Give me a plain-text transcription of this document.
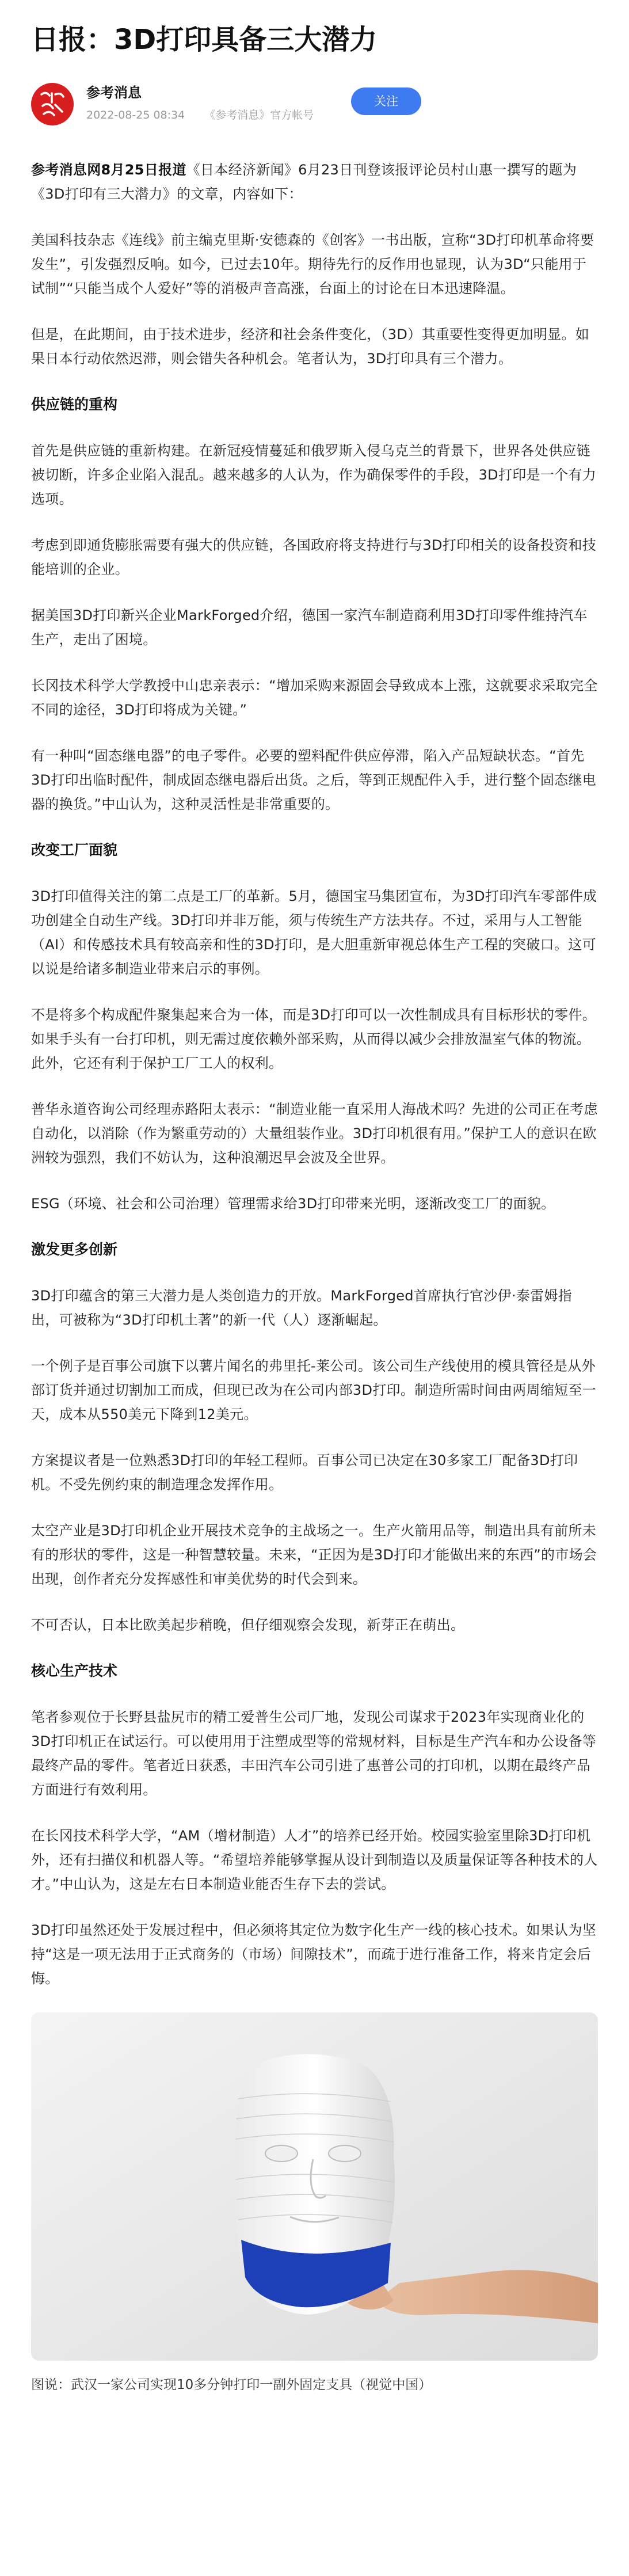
日报：3D打印具备三大潜力
参考消息
2022-08-25 08:34 《参考消息》官方帐号
关注

参考消息网8月25日报道《日本经济新闻》6月23日刊登该报评论员村山惠一撰写的题为《3D打印有三大潜力》的文章，内容如下：

美国科技杂志《连线》前主编克里斯·安德森的《创客》一书出版，宣称“3D打印机革命将要发生”，引发强烈反响。如今，已过去10年。期待先行的反作用也显现，认为3D“只能用于试制”“只能当成个人爱好”等的消极声音高涨，台面上的讨论在日本迅速降温。

但是，在此期间，由于技术进步，经济和社会条件变化，（3D）其重要性变得更加明显。如果日本行动依然迟滞，则会错失各种机会。笔者认为，3D打印具有三个潜力。

供应链的重构

首先是供应链的重新构建。在新冠疫情蔓延和俄罗斯入侵乌克兰的背景下，世界各处供应链被切断，许多企业陷入混乱。越来越多的人认为，作为确保零件的手段，3D打印是一个有力选项。

考虑到即通货膨胀需要有强大的供应链，各国政府将支持进行与3D打印相关的设备投资和技能培训的企业。

据美国3D打印新兴企业MarkForged介绍，德国一家汽车制造商利用3D打印零件维持汽车生产，走出了困境。

长冈技术科学大学教授中山忠亲表示：“增加采购来源固会导致成本上涨，这就要求采取完全不同的途径，3D打印将成为关键。”

有一种叫“固态继电器”的电子零件。必要的塑料配件供应停滞，陷入产品短缺状态。“首先3D打印出临时配件，制成固态继电器后出货。之后，等到正规配件入手，进行整个固态继电器的换货。”中山认为，这种灵活性是非常重要的。

改变工厂面貌

3D打印值得关注的第二点是工厂的革新。5月，德国宝马集团宣布，为3D打印汽车零部件成功创建全自动生产线。3D打印并非万能，须与传统生产方法共存。不过，采用与人工智能（AI）和传感技术具有较高亲和性的3D打印，是大胆重新审视总体生产工程的突破口。这可以说是给诸多制造业带来启示的事例。

不是将多个构成配件聚集起来合为一体，而是3D打印可以一次性制成具有目标形状的零件。如果手头有一台打印机，则无需过度依赖外部采购，从而得以减少会排放温室气体的物流。此外，它还有利于保护工厂工人的权利。

普华永道咨询公司经理赤路阳太表示：“制造业能一直采用人海战术吗？先进的公司正在考虑自动化，以消除（作为繁重劳动的）大量组装作业。3D打印机很有用。”保护工人的意识在欧洲较为强烈，我们不妨认为，这种浪潮迟早会波及全世界。

ESG（环境、社会和公司治理）管理需求给3D打印带来光明，逐渐改变工厂的面貌。

激发更多创新

3D打印蕴含的第三大潜力是人类创造力的开放。MarkForged首席执行官沙伊·泰雷姆指出，可被称为“3D打印机土著”的新一代（人）逐渐崛起。

一个例子是百事公司旗下以薯片闻名的弗里托-莱公司。该公司生产线使用的模具管径是从外部订货并通过切割加工而成，但现已改为在公司内部3D打印。制造所需时间由两周缩短至一天，成本从550美元下降到12美元。

方案提议者是一位熟悉3D打印的年轻工程师。百事公司已决定在30多家工厂配备3D打印机。不受先例约束的制造理念发挥作用。

太空产业是3D打印机企业开展技术竞争的主战场之一。生产火箭用品等，制造出具有前所未有的形状的零件，这是一种智慧较量。未来，“正因为是3D打印才能做出来的东西”的市场会出现，创作者充分发挥感性和审美优势的时代会到来。

不可否认，日本比欧美起步稍晚，但仔细观察会发现，新芽正在萌出。

核心生产技术

笔者参观位于长野县盐尻市的精工爱普生公司厂地，发现公司谋求于2023年实现商业化的3D打印机正在试运行。可以使用用于注塑成型等的常规材料，目标是生产汽车和办公设备等最终产品的零件。笔者近日获悉，丰田汽车公司引进了惠普公司的打印机，以期在最终产品方面进行有效利用。

在长冈技术科学大学，“AM（增材制造）人才”的培养已经开始。校园实验室里除3D打印机外，还有扫描仪和机器人等。“希望培养能够掌握从设计到制造以及质量保证等各种技术的人才。”中山认为，这是左右日本制造业能否生存下去的尝试。

3D打印虽然还处于发展过程中，但必须将其定位为数字化生产一线的核心技术。如果认为坚持“这是一项无法用于正式商务的（市场）间隙技术”，而疏于进行准备工作，将来肯定会后悔。

图说：武汉一家公司实现10多分钟打印一副外固定支具（视觉中国）
